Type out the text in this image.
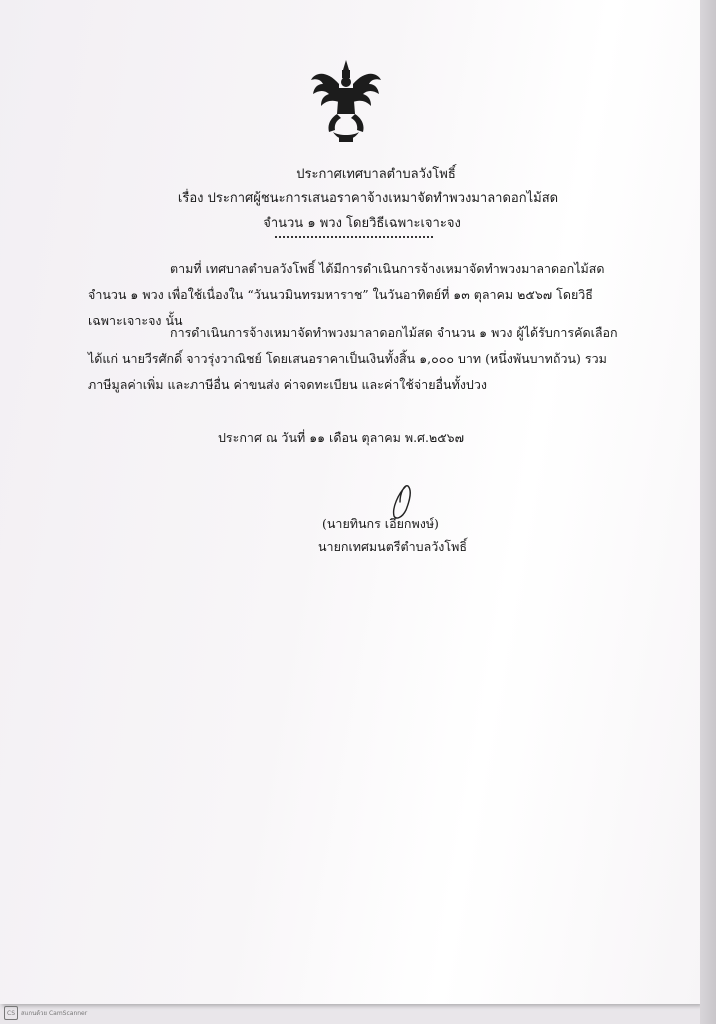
ประกาศเทศบาลตำบลวังโพธิ์
เรื่อง ประกาศผู้ชนะการเสนอราคาจ้างเหมาจัดทำพวงมาลาดอกไม้สด
จำนวน ๑ พวง โดยวิธีเฉพาะเจาะจง

ตามที่ เทศบาลตำบลวังโพธิ์ ได้มีการดำเนินการจ้างเหมาจัดทำพวงมาลาดอกไม้สด

จำนวน ๑ พวง เพื่อใช้เนื่องใน “วันนวมินทรมหาราช” ในวันอาทิตย์ที่ ๑๓ ตุลาคม ๒๕๖๗ โดยวิธี

เฉพาะเจาะจง นั้น

การดำเนินการจ้างเหมาจัดทำพวงมาลาดอกไม้สด จำนวน ๑ พวง ผู้ได้รับการคัดเลือก

ได้แก่ นายวีรศักดิ์ จาวรุ่งวาณิชย์ โดยเสนอราคาเป็นเงินทั้งสิ้น ๑,๐๐๐ บาท (หนึ่งพันบาทถ้วน) รวม

ภาษีมูลค่าเพิ่ม และภาษีอื่น ค่าขนส่ง ค่าจดทะเบียน และค่าใช้จ่ายอื่นทั้งปวง

ประกาศ ณ วันที่ ๑๑ เดือน ตุลาคม พ.ศ.๒๕๖๗
(นายทินกร เอียกพงษ์)
นายกเทศมนตรีตำบลวังโพธิ์
CS	สแกนด้วย CamScanner
